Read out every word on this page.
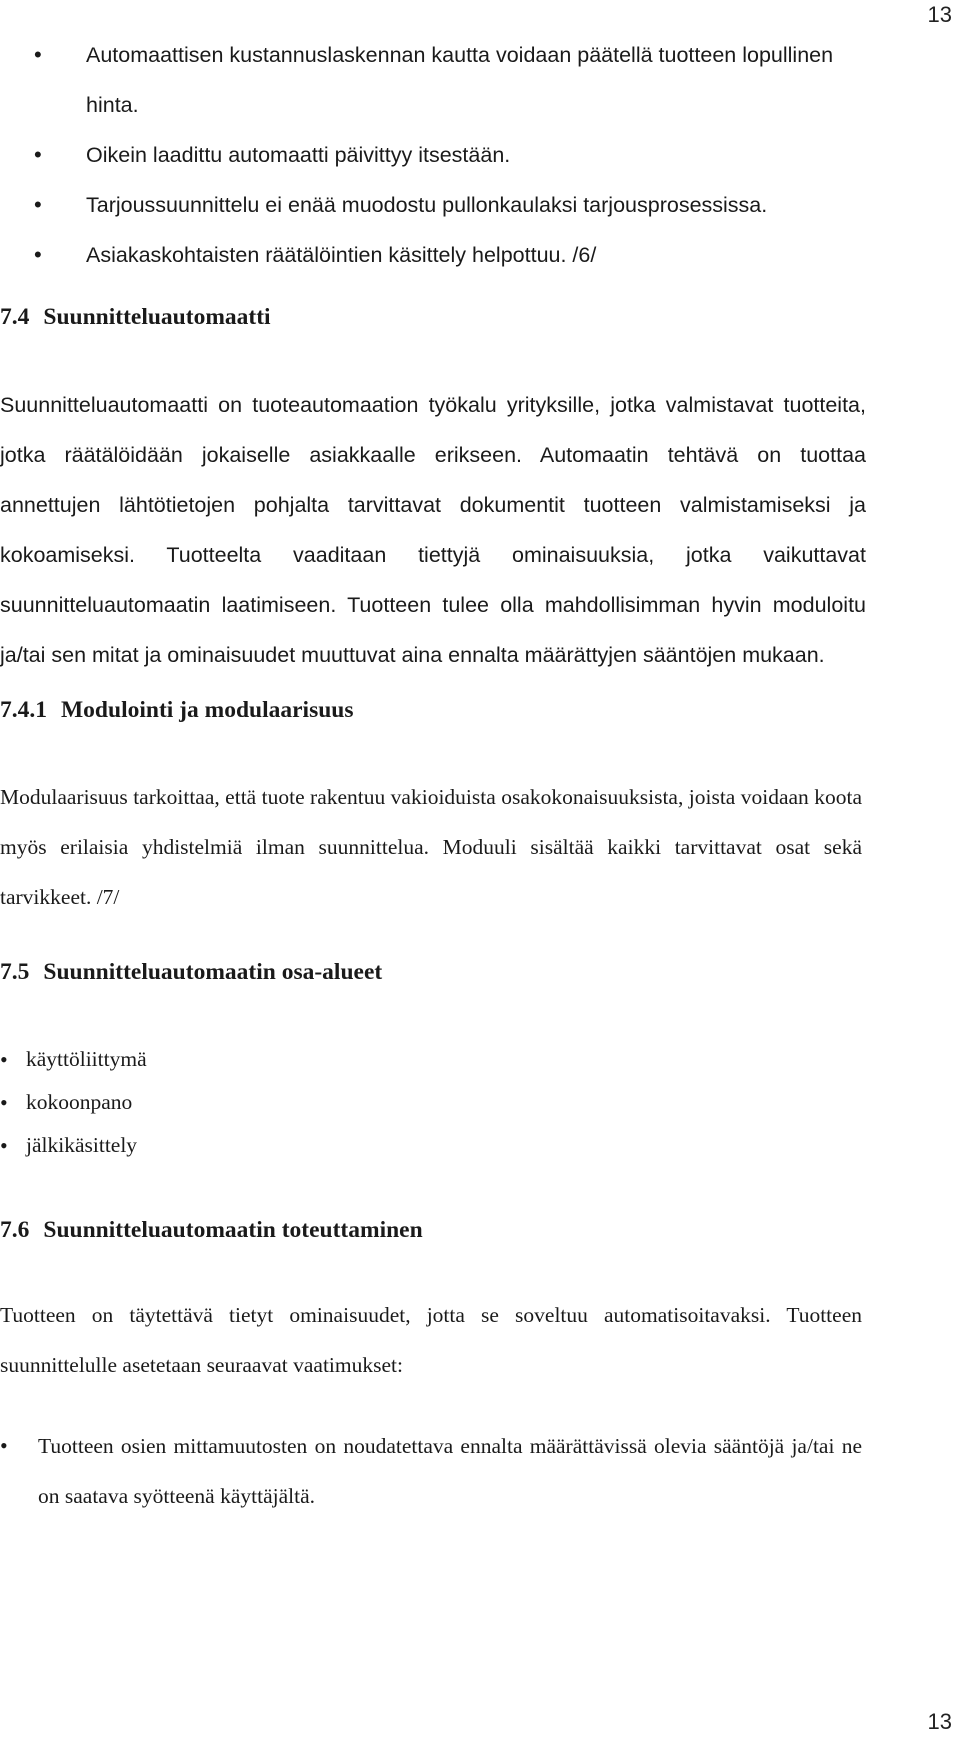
13
• Automaattisen kustannuslaskennan kautta voidaan päätellä tuotteen lopullinen hinta.
• Oikein laadittu automaatti päivittyy itsestään.
• Tarjoussuunnittelu ei enää muodostu pullonkaulaksi tarjousprosessissa.
• Asiakaskohtaisten räätälöintien käsittely helpottuu. /6/
7.4 Suunnitteluautomaatti

Suunnitteluautomaatti on tuoteautomaation työkalu yrityksille, jotka valmistavat tuotteita, jotka räätälöidään jokaiselle asiakkaalle erikseen. Automaatin tehtävä on tuottaa annettujen lähtötietojen pohjalta tarvittavat dokumentit tuotteen valmistamiseksi ja kokoamiseksi. Tuotteelta vaaditaan tiettyjä ominaisuuksia, jotka vaikuttavat suunnitteluautomaatin laatimiseen. Tuotteen tulee olla mahdollisimman hyvin moduloitu ja/tai sen mitat ja ominaisuudet muuttuvat aina ennalta määrättyjen sääntöjen mukaan.

7.4.1 Modulointi ja modulaarisuus

Modulaarisuus tarkoittaa, että tuote rakentuu vakioiduista osakokonaisuuksista, joista voidaan koota myös erilaisia yhdistelmiä ilman suunnittelua. Moduuli sisältää kaikki tarvittavat osat sekä tarvikkeet. /7/

7.5 Suunnitteluautomaatin osa-alueet
• käyttöliittymä
• kokoonpano
• jälkikäsittely
7.6 Suunnitteluautomaatin toteuttaminen

Tuotteen on täytettävä tietyt ominaisuudet, jotta se soveltuu automatisoitavaksi. Tuotteen suunnittelulle asetetaan seuraavat vaatimukset:

• Tuotteen osien mittamuutosten on noudatettava ennalta määrättävissä olevia sääntöjä ja/tai ne on saatava syötteenä käyttäjältä.
13
